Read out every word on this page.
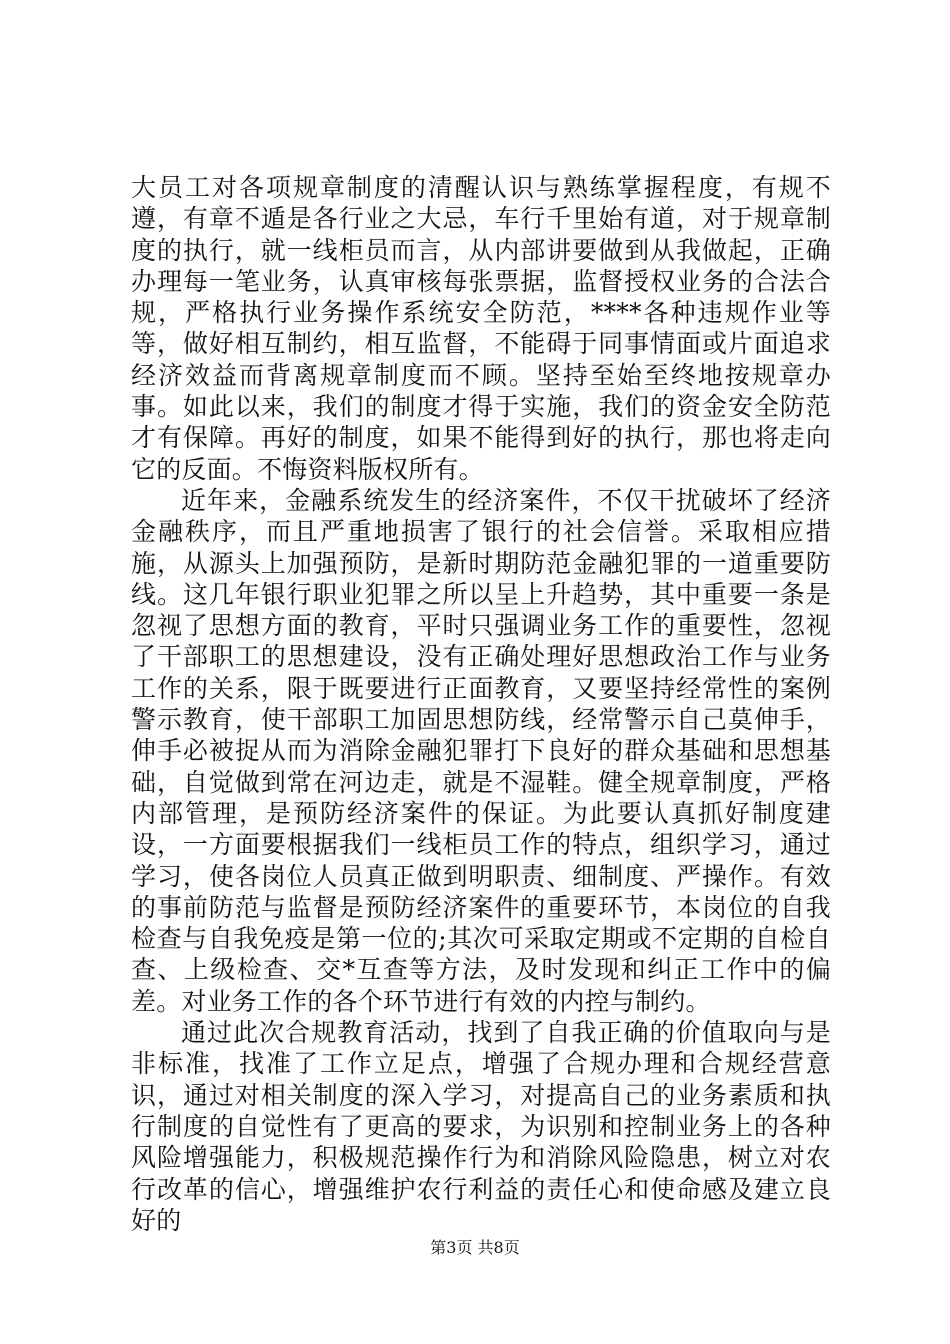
大员工对各项规章制度的清醒认识与熟练掌握程度，有规不遵，有章不遁是各行业之大忌，车行千里始有道，对于规章制度的执行，就一线柜员而言，从内部讲要做到从我做起，正确办理每一笔业务，认真审核每张票据，监督授权业务的合法合规，严格执行业务操作系统安全防范，****各种违规作业等等，做好相互制约，相互监督，不能碍于同事情面或片面追求经济效益而背离规章制度而不顾。坚持至始至终地按规章办事。如此以来，我们的制度才得于实施，我们的资金安全防范才有保障。再好的制度，如果不能得到好的执行，那也将走向它的反面。不悔资料版权所有。

近年来，金融系统发生的经济案件，不仅干扰破坏了经济金融秩序，而且严重地损害了银行的社会信誉。采取相应措施，从源头上加强预防，是新时期防范金融犯罪的一道重要防线。这几年银行职业犯罪之所以呈上升趋势，其中重要一条是忽视了思想方面的教育，平时只强调业务工作的重要性，忽视了干部职工的思想建设，没有正确处理好思想政治工作与业务工作的关系，限于既要进行正面教育，又要坚持经常性的案例警示教育，使干部职工加固思想防线，经常警示自己莫伸手，伸手必被捉从而为消除金融犯罪打下良好的群众基础和思想基础，自觉做到常在河边走，就是不湿鞋。健全规章制度，严格内部管理，是预防经济案件的保证。为此要认真抓好制度建设，一方面要根据我们一线柜员工作的特点，组织学习，通过学习，使各岗位人员真正做到明职责、细制度、严操作。有效的事前防范与监督是预防经济案件的重要环节，本岗位的自我检查与自我免疫是第一位的;其次可采取定期或不定期的自检自查、上级检查、交*互查等方法，及时发现和纠正工作中的偏差。对业务工作的各个环节进行有效的内控与制约。

通过此次合规教育活动，找到了自我正确的价值取向与是非标准，找准了工作立足点，增强了合规办理和合规经营意识，通过对相关制度的深入学习，对提高自己的业务素质和执行制度的自觉性有了更高的要求，为识别和控制业务上的各种风险增强能力，积极规范操作行为和消除风险隐患，树立对农行改革的信心，增强维护农行利益的责任心和使命感及建立良好的

第3页 共8页
